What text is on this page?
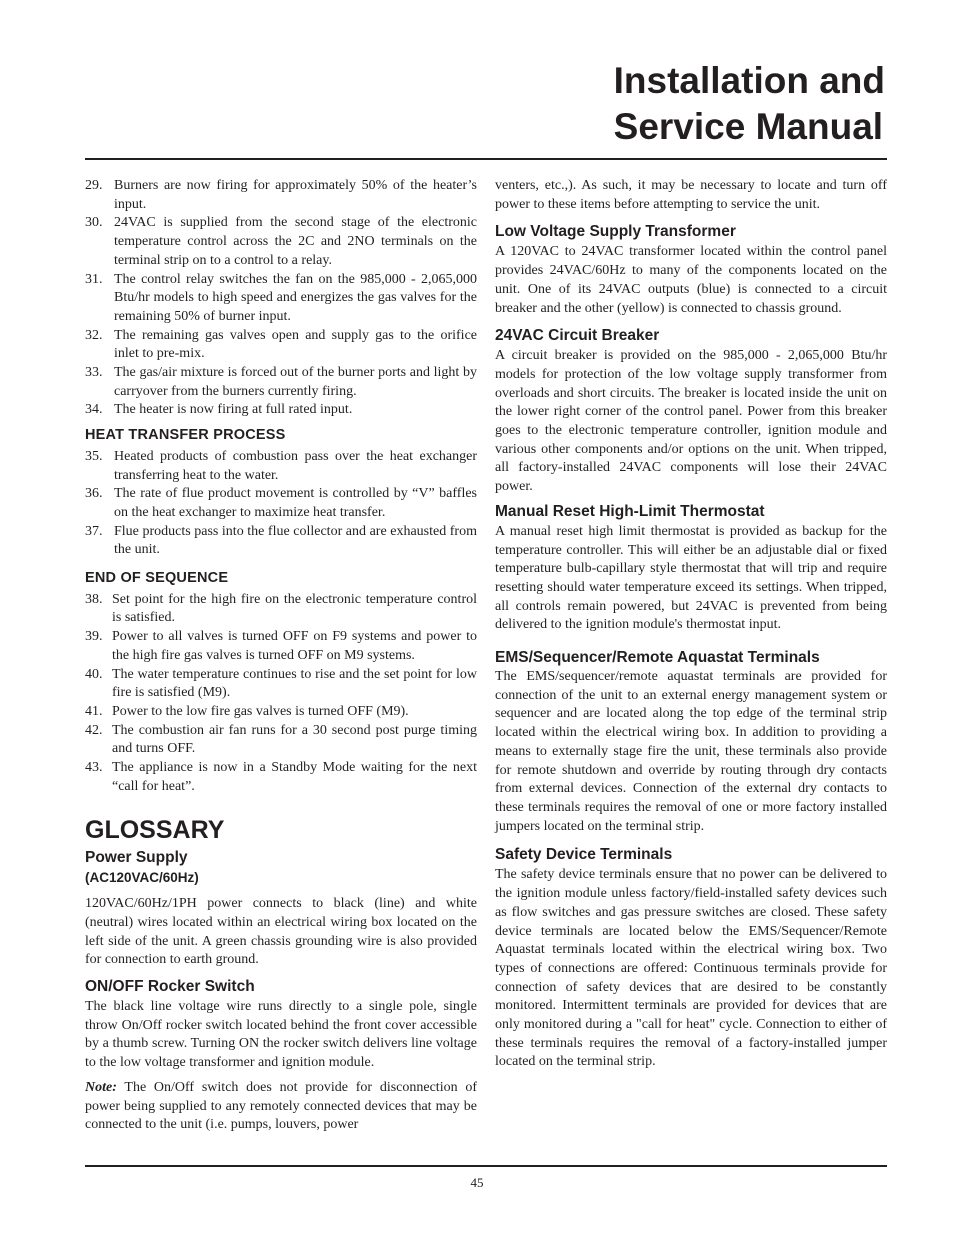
Installation and
Service Manual

29. Burners are now firing for approximately 50% of the heater’s input.

30. 24VAC is supplied from the second stage of the electronic temperature control across the 2C and 2NO terminals on the terminal strip on to a control to a relay.

31. The control relay switches the fan on the 985,000 - 2,065,000 Btu/hr models to high speed and energizes the gas valves for the remaining 50% of burner input.

32. The remaining gas valves open and supply gas to the orifice inlet to pre-mix.

33. The gas/air mixture is forced out of the burner ports and light by carryover from the burners currently firing.

34. The heater is now firing at full rated input.

HEAT TRANSFER PROCESS

35. Heated products of combustion pass over the heat exchanger transferring heat to the water.

36. The rate of flue product movement is controlled by “V” baffles on the heat exchanger to maximize heat transfer.

37. Flue products pass into the flue collector and are exhausted from the unit.

END OF SEQUENCE

38. Set point for the high fire on the electronic temperature control is satisfied.

39. Power to all valves is turned OFF on F9 systems and power to the high fire gas valves is turned OFF on M9 systems.

40. The water temperature continues to rise and the set point for low fire is satisfied (M9).

41. Power to the low fire gas valves is turned OFF (M9).

42. The combustion air fan runs for a 30 second post purge timing and turns OFF.

43. The appliance is now in a Standby Mode waiting for the next “call for heat”.

GLOSSARY
Power Supply
(AC120VAC/60Hz)

120VAC/60Hz/1PH power connects to black (line) and white (neutral) wires located within an electrical wiring box located on the left side of the unit. A green chassis grounding wire is also provided for connection to earth ground.

ON/OFF Rocker Switch

The black line voltage wire runs directly to a single pole, single throw On/Off rocker switch located behind the front cover accessible by a thumb screw. Turning ON the rocker switch delivers line voltage to the low voltage transformer and ignition module.

Note: The On/Off switch does not provide for disconnection of power being supplied to any remotely connected devices that may be connected to the unit (i.e. pumps, louvers, power

venters, etc.,). As such, it may be necessary to locate and turn off power to these items before attempting to service the unit.

Low Voltage Supply Transformer

A 120VAC to 24VAC transformer located within the control panel provides 24VAC/60Hz to many of the components located on the unit. One of its 24VAC outputs (blue) is connected to a circuit breaker and the other (yellow) is connected to chassis ground.

24VAC Circuit Breaker

A circuit breaker is provided on the 985,000 - 2,065,000 Btu/hr models for protection of the low voltage supply transformer from overloads and short circuits. The breaker is located inside the unit on the lower right corner of the control panel. Power from this breaker goes to the electronic temperature controller, ignition module and various other components and/or options on the unit. When tripped, all factory-installed 24VAC components will lose their 24VAC power.

Manual Reset High-Limit Thermostat

A manual reset high limit thermostat is provided as backup for the temperature controller. This will either be an adjustable dial or fixed temperature bulb-capillary style thermostat that will trip and require resetting should water temperature exceed its settings. When tripped, all controls remain powered, but 24VAC is prevented from being delivered to the ignition module's thermostat input.

EMS/Sequencer/Remote Aquastat Terminals

The EMS/sequencer/remote aquastat terminals are provided for connection of the unit to an external energy management system or sequencer and are located along the top edge of the terminal strip located within the electrical wiring box. In addition to providing a means to externally stage fire the unit, these terminals also provide for remote shutdown and override by routing through dry contacts from external devices. Connection of the external dry contacts to these terminals requires the removal of one or more factory installed jumpers located on the terminal strip.

Safety Device Terminals

The safety device terminals ensure that no power can be delivered to the ignition module unless factory/field-installed safety devices such as flow switches and gas pressure switches are closed. These safety device terminals are located below the EMS/Sequencer/Remote Aquastat terminals located within the electrical wiring box. Two types of connections are offered: Continuous terminals provide for connection of safety devices that are desired to be constantly monitored. Intermittent terminals are provided for devices that are only monitored during a "call for heat" cycle. Connection to either of these terminals requires the removal of a factory-installed jumper located on the terminal strip.

45
